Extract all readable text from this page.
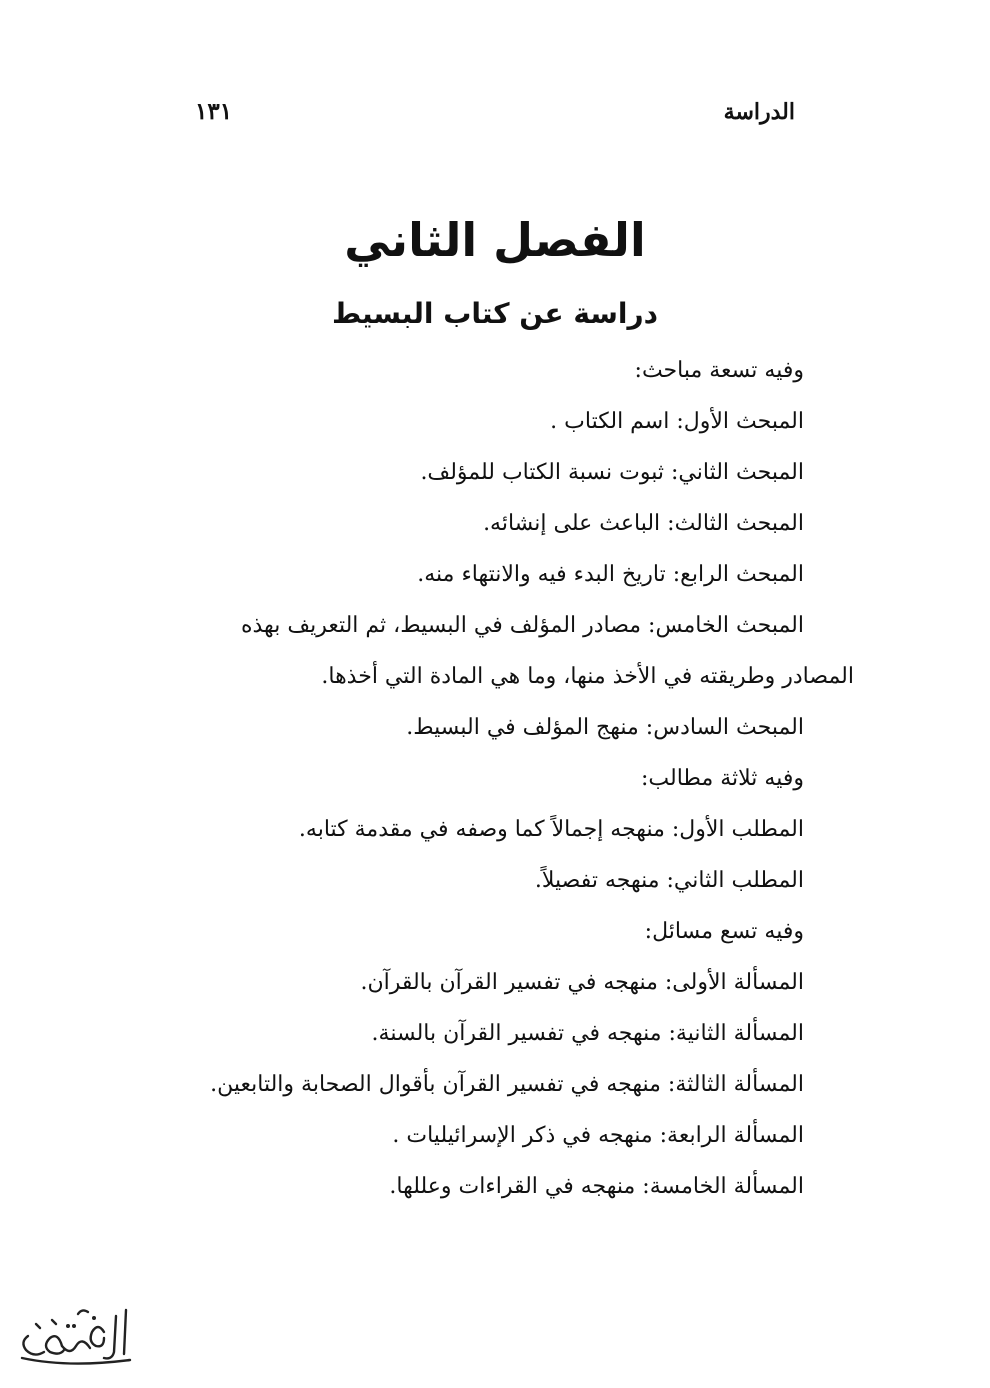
الدراسة
١٣١
الفصل الثاني
دراسة عن كتاب البسيط
وفيه تسعة مباحث:
المبحث الأول: اسم الكتاب .
المبحث الثاني: ثبوت نسبة الكتاب للمؤلف.
المبحث الثالث: الباعث على إنشائه.
المبحث الرابع: تاريخ البدء فيه والانتهاء منه.
المبحث الخامس: مصادر المؤلف في البسيط، ثم التعريف بهذه
المصادر وطريقته في الأخذ منها، وما هي المادة التي أخذها.
المبحث السادس: منهج المؤلف في البسيط.
وفيه ثلاثة مطالب:
المطلب الأول: منهجه إجمالاً كما وصفه في مقدمة كتابه.
المطلب الثاني: منهجه تفصيلاً.
وفيه تسع مسائل:
المسألة الأولى: منهجه في تفسير القرآن بالقرآن.
المسألة الثانية: منهجه في تفسير القرآن بالسنة.
المسألة الثالثة: منهجه في تفسير القرآن بأقوال الصحابة والتابعين.
المسألة الرابعة: منهجه في ذكر الإسرائيليات .
المسألة الخامسة: منهجه في القراءات وعللها.
